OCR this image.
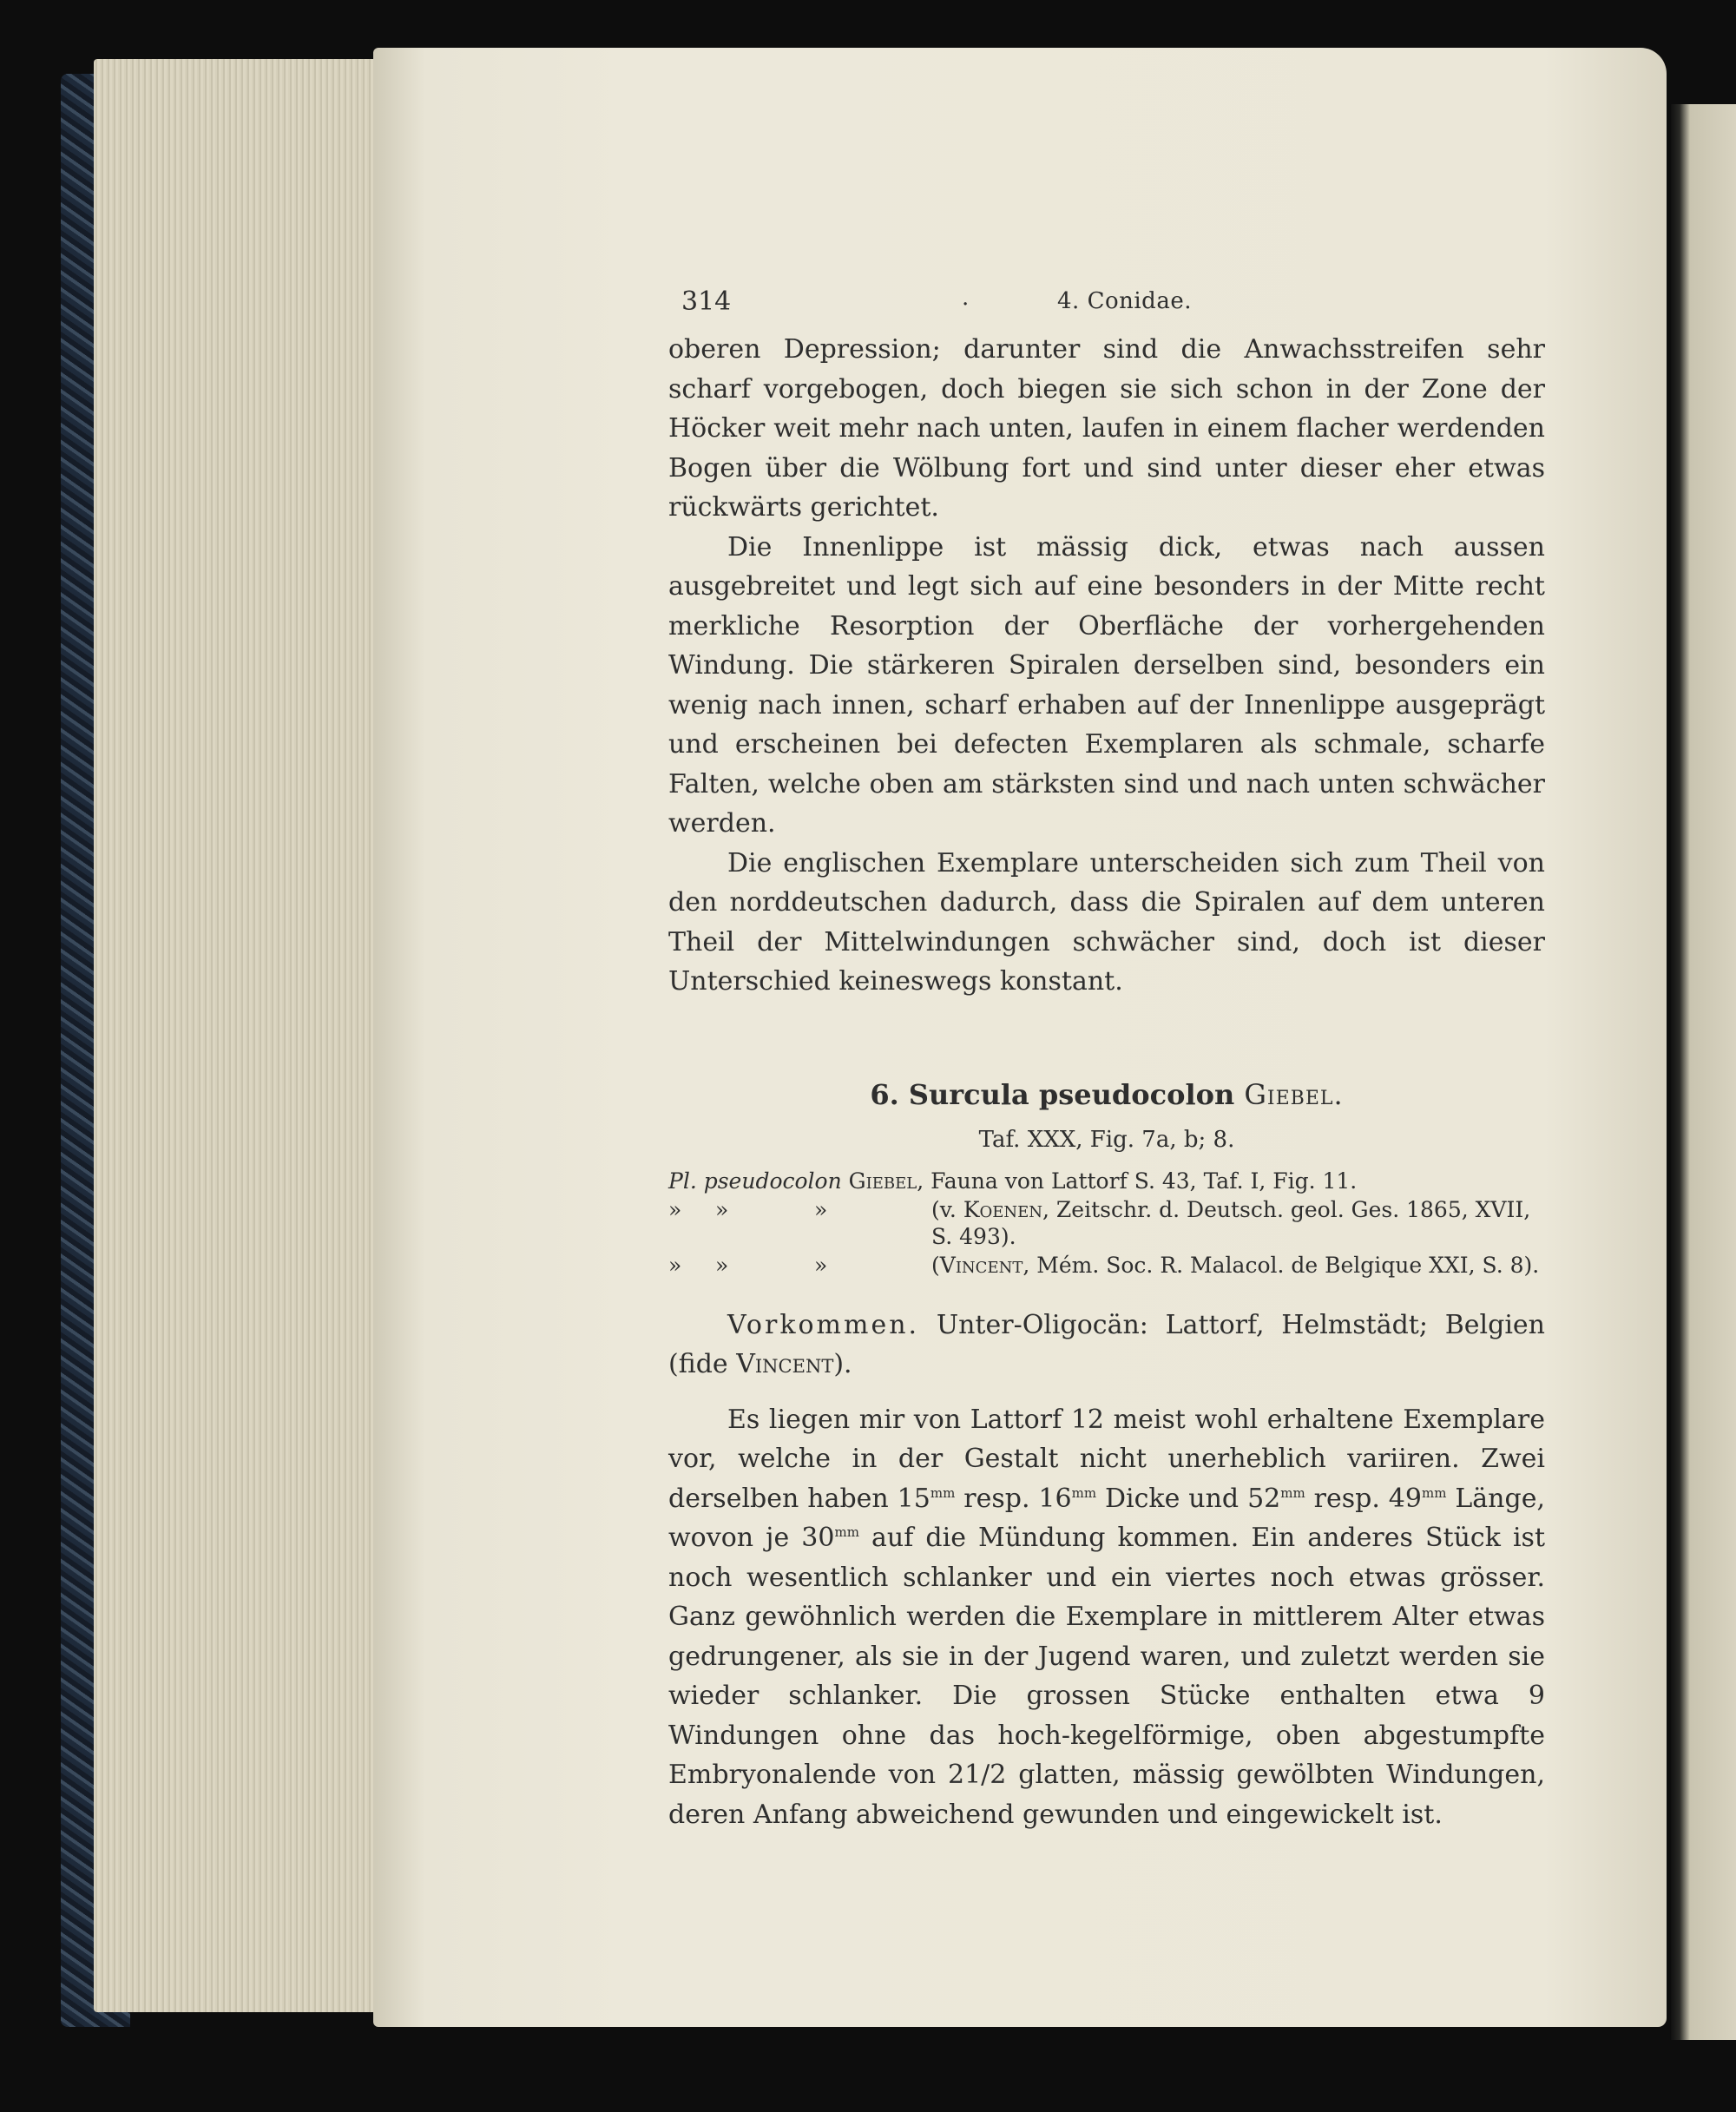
314	.	4. Conidae.

oberen Depression; darunter sind die Anwachsstreifen sehr scharf vorgebogen, doch biegen sie sich schon in der Zone der Höcker weit mehr nach unten, laufen in einem flacher werdenden Bogen über die Wölbung fort und sind unter dieser eher etwas rückwärts gerichtet.

Die Innenlippe ist mässig dick, etwas nach aussen ausgebreitet und legt sich auf eine besonders in der Mitte recht merkliche Resorption der Oberfläche der vorhergehenden Windung. Die stärkeren Spiralen derselben sind, besonders ein wenig nach innen, scharf erhaben auf der Innenlippe ausgeprägt und erscheinen bei defecten Exemplaren als schmale, scharfe Falten, welche oben am stärksten sind und nach unten schwächer werden.

Die englischen Exemplare unterscheiden sich zum Theil von den norddeutschen dadurch, dass die Spiralen auf dem unteren Theil der Mittelwindungen schwächer sind, doch ist dieser Unterschied keineswegs konstant.

6. Surcula pseudocolon Giebel.
Taf. XXX, Fig. 7a, b; 8.
Pl. pseudocolon Giebel, Fauna von Lattorf S. 43, Taf. I, Fig. 11.
» »	»	(v. Koenen, Zeitschr. d. Deutsch. geol. Ges. 1865, XVII,
S. 493).
» »	»	(Vincent, Mém. Soc. R. Malacol. de Belgique XXI, S. 8).

Vorkommen. Unter-Oligocän: Lattorf, Helmstädt; Belgien (fide Vincent).

Es liegen mir von Lattorf 12 meist wohl erhaltene Exemplare vor, welche in der Gestalt nicht unerheblich variiren. Zwei derselben haben $15^{mm}$ resp. $16^{mm}$ Dicke und $52^{mm}$ resp. $49^{mm}$ Länge, wovon je $30^{mm}$ auf die Mündung kommen. Ein anderes Stück ist noch wesentlich schlanker und ein viertes noch etwas grösser. Ganz gewöhnlich werden die Exemplare in mittlerem Alter etwas gedrungener, als sie in der Jugend waren, und zuletzt werden sie wieder schlanker. Die grossen Stücke enthalten etwa 9 Windungen ohne das hoch-kegelförmige, oben abgestumpfte Embryonalende von 21/2 glatten, mässig gewölbten Windungen, deren Anfang abweichend gewunden und eingewickelt ist.
